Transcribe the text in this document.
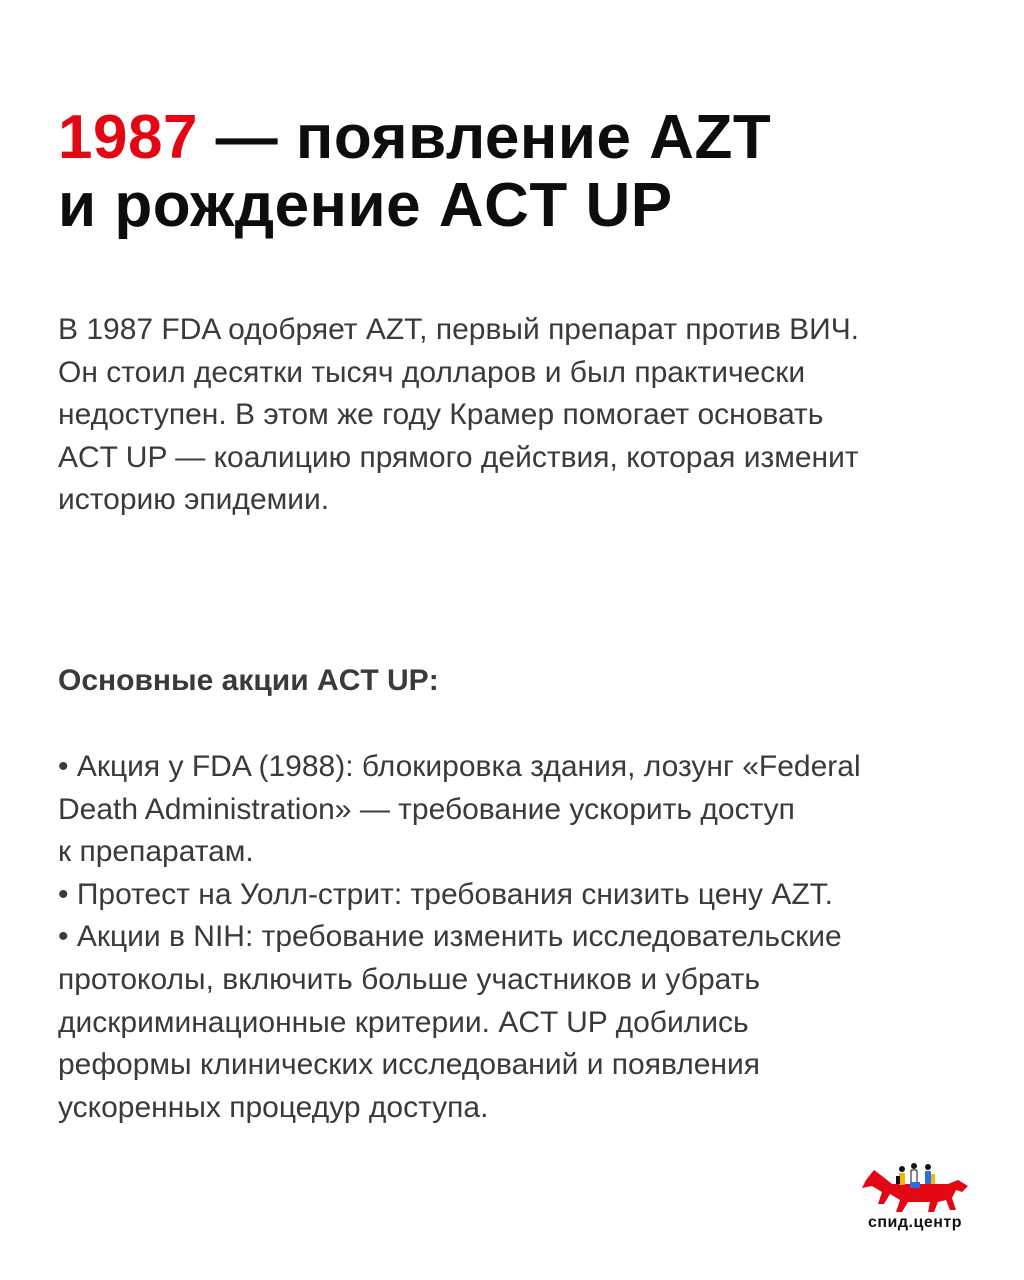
1987 — появление AZT
и рождение ACT UP

В 1987 FDA одобряет AZT, первый препарат против ВИЧ.
Он стоил десятки тысяч долларов и был практически
недоступен. В этом же году Крамер помогает основать
ACT UP — коалицию прямого действия, которая изменит
историю эпидемии.

Основные акции ACT UP:

• Акция у FDA (1988): блокировка здания, лозунг «Federal
Death Administration» — требование ускорить доступ
к препаратам.
• Протест на Уолл-стрит: требования снизить цену AZT.
• Акции в NIH: требование изменить исследовательские
протоколы, включить больше участников и убрать
дискриминационные критерии. ACT UP добились
реформы клинических исследований и появления
ускоренных процедур доступа.

спид.центр
